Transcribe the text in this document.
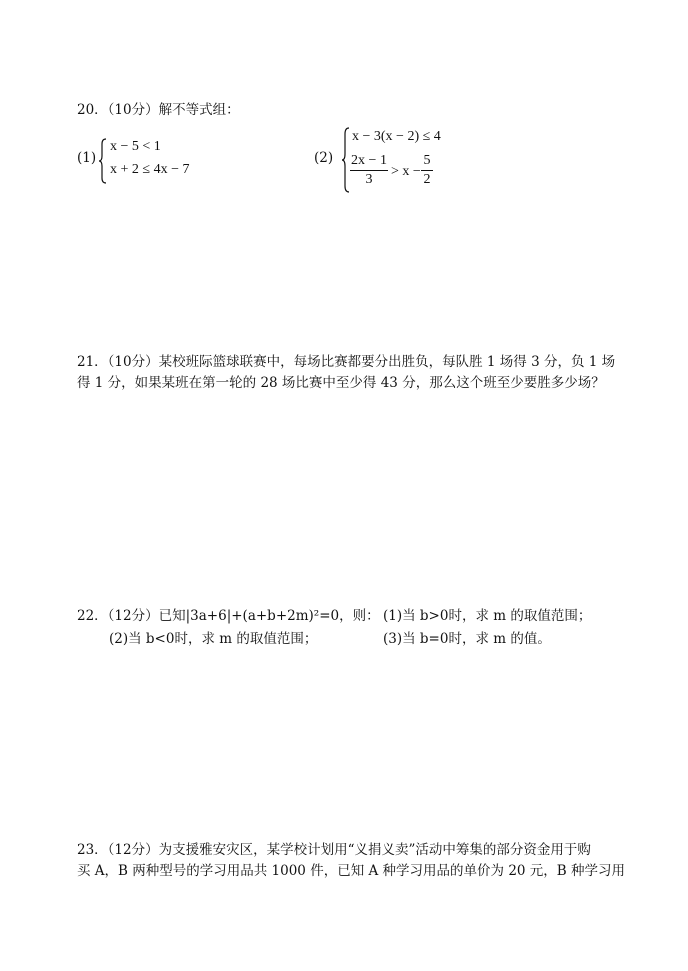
20．（10分）解不等式组：
(1)
x − 5 < 1
x + 2 ≤ 4x − 7
(2)
x − 3(x − 2) ≤ 4
2x − 1
3
> x −
5
2
21．（10分）某校班际篮球联赛中，每场比赛都要分出胜负，每队胜 1 场得 3 分，负 1 场
得 1 分，如果某班在第一轮的 28 场比赛中至少得 43 分，那么这个班至少要胜多少场？
22．（12分）已知|3a+6|+(a+b+2m)²=0，则： (1)当 b>0时，求 m 的取值范围；
(2)当 b<0时，求 m 的取值范围；	(3)当 b=0时，求 m 的值。
23．（12分）为支援雅安灾区，某学校计划用“义捐义卖”活动中筹集的部分资金用于购
买 A，B 两种型号的学习用品共 1000 件，已知 A 种学习用品的单价为 20 元，B 种学习用
